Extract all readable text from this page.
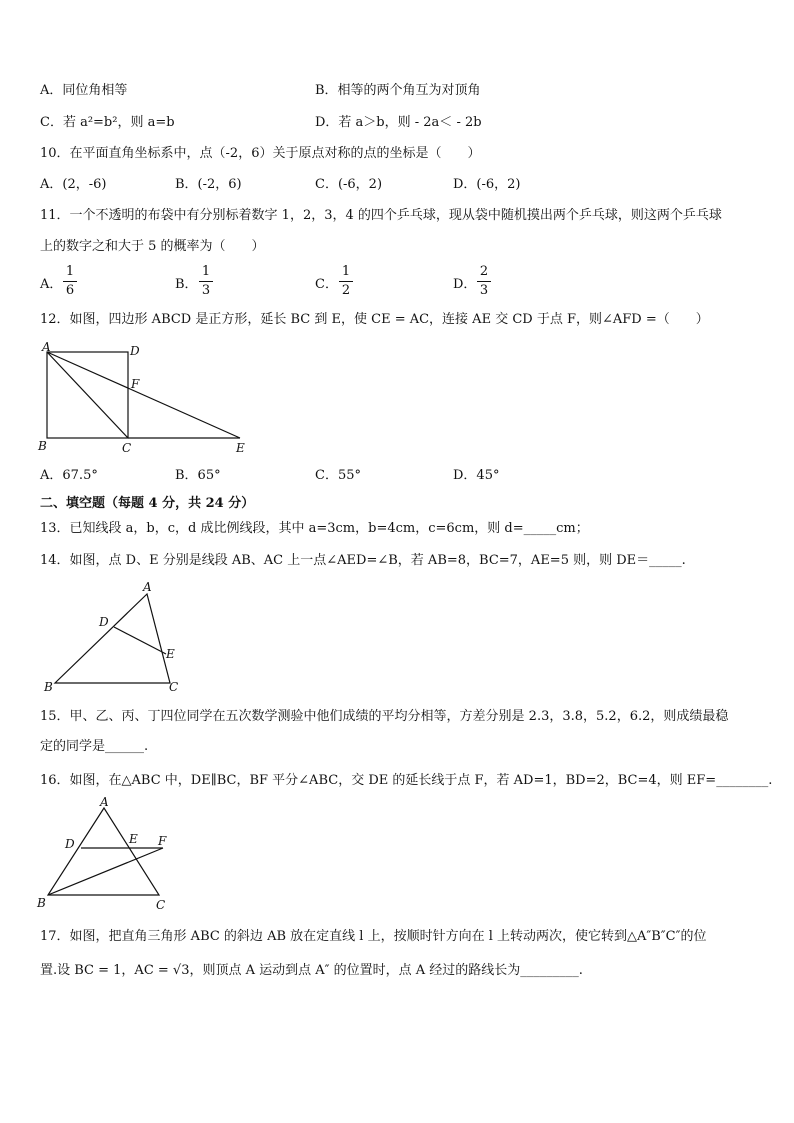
A．同位角相等	B．相等的两个角互为对顶角
C．若 a²=b²，则 a=b	D．若 a＞b，则 - 2a＜ - 2b
10．在平面直角坐标系中，点（-2，6）关于原点对称的点的坐标是（　　）
A．(2，-6)	B．(-2，6)	C．(-6，2)	D．(-6，2)
11．一个不透明的布袋中有分别标着数字 1，2，3，4 的四个乒乓球，现从袋中随机摸出两个乒乓球，则这两个乒乓球
上的数字之和大于 5 的概率为（　　）
A．
1
6	B．
1
3	C．
1
2	D．
2
3
12．如图，四边形 ABCD 是正方形，延长 BC 到 E，使 CE = AC，连接 AE 交 CD 于点 F，则∠AFD =（　　）
A	D
F
B	C	E
A．67.5°	B．65°	C．55°	D．45°
二、填空题（每题 4 分，共 24 分）
13．已知线段 a，b，c，d 成比例线段，其中 a=3cm，b=4cm，c=6cm，则 d=_____cm；
14．如图，点 D、E 分别是线段 AB、AC 上一点∠AED=∠B，若 AB=8，BC=7，AE=5 则，则 DE＝_____.
A
D
E
B	C
15．甲、乙、丙、丁四位同学在五次数学测验中他们成绩的平均分相等，方差分别是 2.3，3.8，5.2，6.2，则成绩最稳
定的同学是______.
16．如图，在△ABC 中，DE∥BC，BF 平分∠ABC，交 DE 的延长线于点 F，若 AD=1，BD=2，BC=4，则 EF=________.
A
D	E F
B	C
17．如图，把直角三角形 ABC 的斜边 AB 放在定直线 l 上，按顺时针方向在 l 上转动两次，使它转到△A″B″C″的位
置.设 BC = 1，AC = √3，则顶点 A 运动到点 A″ 的位置时，点 A 经过的路线长为_________.
